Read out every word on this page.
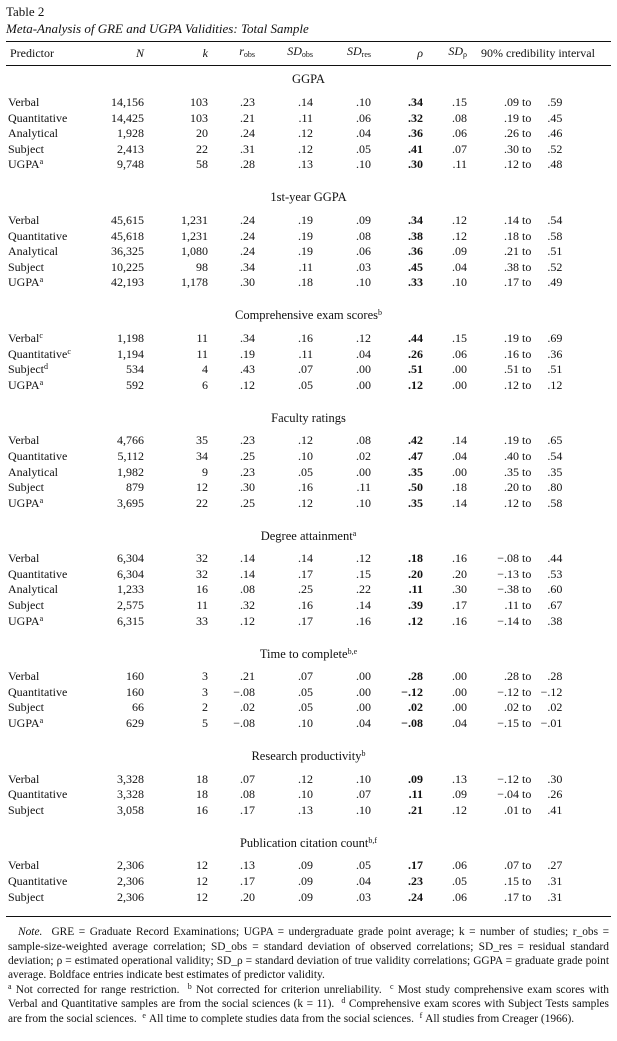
Table 2
Meta-Analysis of GRE and UGPA Validities: Total Sample
Predictor	N	k	$r_{obs}$	$SD_{obs}$	$SD_{res}$	ρ	$SD_\rho$	90% credibility interval

GGPA								

Verbal	14,156	103	.23	.14	.10	.34	.15	.09 to .59
Quantitative	14,425	103	.21	.11	.06	.32	.08	.19 to .45
Analytical	1,928	20	.24	.12	.04	.36	.06	.26 to .46
Subject	2,413	22	.31	.12	.05	.41	.07	.30 to .52
UGPA$^a$	9,748	58	.28	.13	.10	.30	.11	.12 to .48

1st-year GGPA								

Verbal	45,615	1,231	.24	.19	.09	.34	.12	.14 to .54
Quantitative	45,618	1,231	.24	.19	.08	.38	.12	.18 to .58
Analytical	36,325	1,080	.24	.19	.06	.36	.09	.21 to .51
Subject	10,225	98	.34	.11	.03	.45	.04	.38 to .52
UGPA$^a$	42,193	1,178	.30	.18	.10	.33	.10	.17 to .49

Comprehensive exam scores$^b$

Verbal$^c$	1,198	11	.34	.16	.12	.44	.15	.19 to .69
Quantitative$^c$	1,194	11	.19	.11	.04	.26	.06	.16 to .36
Subject$^d$	534	4	.43	.07	.00	.51	.00	.51 to .51
UGPA$^a$	592	6	.12	.05	.00	.12	.00	.12 to .12

Faculty ratings								

Verbal	4,766	35	.23	.12	.08	.42	.14	.19 to .65
Quantitative	5,112	34	.25	.10	.02	.47	.04	.40 to .54
Analytical	1,982	9	.23	.05	.00	.35	.00	.35 to .35
Subject	879	12	.30	.16	.11	.50	.18	.20 to .80
UGPA$^a$	3,695	22	.25	.12	.10	.35	.14	.12 to .58

Degree attainment$^a$

Verbal	6,304	32	.14	.14	.12	.18	.16	−.08 to .44
Quantitative	6,304	32	.14	.17	.15	.20	.20	−.13 to .53
Analytical	1,233	16	.08	.25	.22	.11	.30	−.38 to .60
Subject	2,575	11	.32	.16	.14	.39	.17	.11 to .67
UGPA$^a$	6,315	33	.12	.17	.16	.12	.16	−.14 to .38

Time to complete$^{b,e}$

Verbal	160	3	.21	.07	.00	.28	.00	.28 to .28
Quantitative	160	3	−.08	.05	.00	−.12	.00	−.12 to −.12
Subject	66	2	.02	.05	.00	.02	.00	.02 to .02
UGPA$^a$	629	5	−.08	.10	.04	−.08	.04	−.15 to −.01

Research productivity$^b$

Verbal	3,328	18	.07	.12	.10	.09	.13	−.12 to .30
Quantitative	3,328	18	.08	.10	.07	.11	.09	−.04 to .26
Subject	3,058	16	.17	.13	.10	.21	.12	.01 to .41

Publication citation count$^{b,f}$

Verbal	2,306	12	.13	.09	.05	.17	.06	.07 to .27
Quantitative	2,306	12	.17	.09	.04	.23	.05	.15 to .31
Subject	2,306	12	.20	.09	.03	.24	.06	.17 to .31

Note. GRE = Graduate Record Examinations; UGPA = undergraduate grade point average; k = number of studies; r_obs = sample-size-weighted average correlation; SD_obs = standard deviation of observed correlations; SD_res = residual standard deviation; ρ = estimated operational validity; SD_ρ = standard deviation of true validity correlations; GGPA = graduate grade point average. Boldface entries indicate best estimates of predictor validity.

$^a$ Not corrected for range restriction. $^b$ Not corrected for criterion unreliability. $^c$ Most study comprehensive exam scores with Verbal and Quantitative samples are from the social sciences (k = 11). $^d$ Comprehensive exam scores with Subject Tests samples are from the social sciences. $^e$ All time to complete studies data from the social sciences. $^f$ All studies from Creager (1966).
